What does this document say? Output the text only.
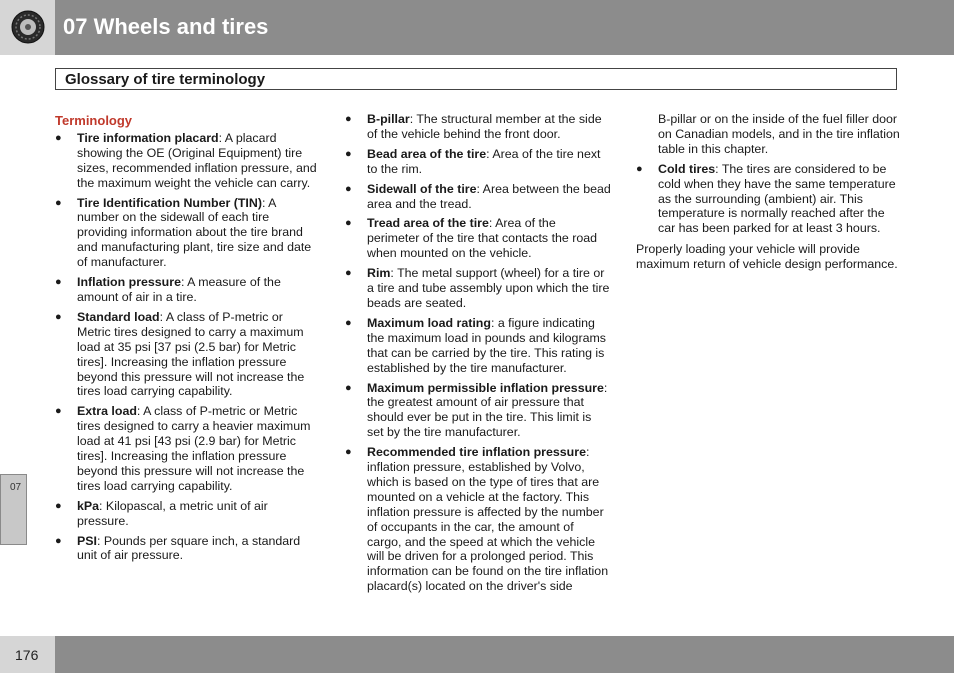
07 Wheels and tires
Glossary of tire terminology
Terminology
● Tire information placard: A placard showing the OE (Original Equipment) tire sizes, recommended inflation pressure, and the maximum weight the vehicle can carry.
● Tire Identification Number (TIN): A number on the sidewall of each tire providing information about the tire brand and manufacturing plant, tire size and date of manufacturer.
● Inflation pressure: A measure of the amount of air in a tire.
● Standard load: A class of P-metric or Metric tires designed to carry a maximum load at 35 psi [37 psi (2.5 bar) for Metric tires]. Increasing the inflation pressure beyond this pressure will not increase the tires load carrying capability.
● Extra load: A class of P-metric or Metric tires designed to carry a heavier maximum load at 41 psi [43 psi (2.9 bar) for Metric tires]. Increasing the inflation pressure beyond this pressure will not increase the tires load carrying capability.
● kPa: Kilopascal, a metric unit of air pressure.
● PSI: Pounds per square inch, a standard unit of air pressure.
● B-pillar: The structural member at the side of the vehicle behind the front door.
● Bead area of the tire: Area of the tire next to the rim.
● Sidewall of the tire: Area between the bead area and the tread.
● Tread area of the tire: Area of the perimeter of the tire that contacts the road when mounted on the vehicle.
● Rim: The metal support (wheel) for a tire or a tire and tube assembly upon which the tire beads are seated.
● Maximum load rating: a figure indicating the maximum load in pounds and kilograms that can be carried by the tire. This rating is established by the tire manufacturer.
● Maximum permissible inflation pressure: the greatest amount of air pressure that should ever be put in the tire. This limit is set by the tire manufacturer.
● Recommended tire inflation pressure: inflation pressure, established by Volvo, which is based on the type of tires that are mounted on a vehicle at the factory. This inflation pressure is affected by the number of occupants in the car, the amount of cargo, and the speed at which the vehicle will be driven for a prolonged period. This information can be found on the tire inflation placard(s) located on the driver's side
B-pillar or on the inside of the fuel filler door on Canadian models, and in the tire inflation table in this chapter.
● Cold tires: The tires are considered to be cold when they have the same temperature as the surrounding (ambient) air. This temperature is normally reached after the car has been parked for at least 3 hours.
Properly loading your vehicle will provide maximum return of vehicle design performance.
07
176
